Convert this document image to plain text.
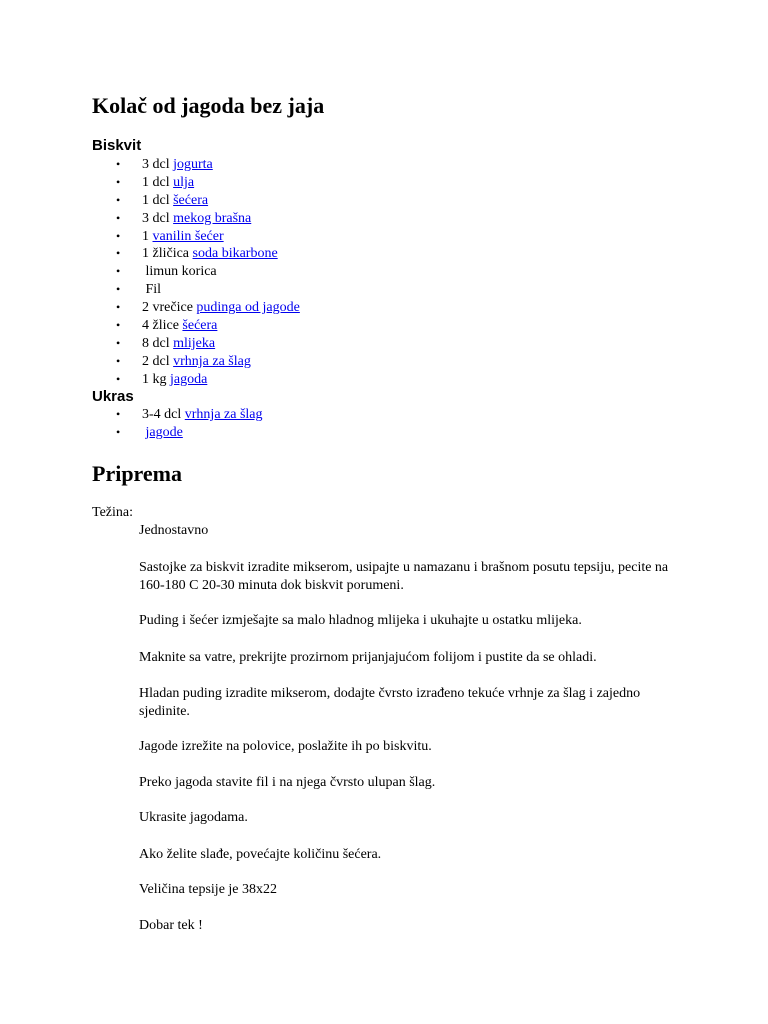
Kolač od jagoda bez jaja
Biskvit
• 3 dcl jogurta
• 1 dcl ulja
• 1 dcl šećera
• 3 dcl mekog brašna
• 1 vanilin šećer
• 1 žličica soda bikarbone
• limun korica
• Fil
• 2 vrečice pudinga od jagode
• 4 žlice šećera
• 8 dcl mlijeka
• 2 dcl vrhnja za šlag
• 1 kg jagoda
Ukras
• 3-4 dcl vrhnja za šlag
• jagode
Priprema
Težina:

Jednostavno

Sastojke za biskvit izradite mikserom, usipajte u namazanu i brašnom posutu tepsiju, pecite na 160-180 C 20-30 minuta dok biskvit porumeni.

Puding i šećer izmješajte sa malo hladnog mlijeka i ukuhajte u ostatku mlijeka.

Maknite sa vatre, prekrijte prozirnom prijanjajućom folijom i pustite da se ohladi.

Hladan puding izradite mikserom, dodajte čvrsto izrađeno tekuće vrhnje za šlag i zajedno sjedinite.

Jagode izrežite na polovice, poslažite ih po biskvitu.

Preko jagoda stavite fil i na njega čvrsto ulupan šlag.

Ukrasite jagodama.

Ako želite slađe, povećajte količinu šećera.

Veličina tepsije je 38x22

Dobar tek !
